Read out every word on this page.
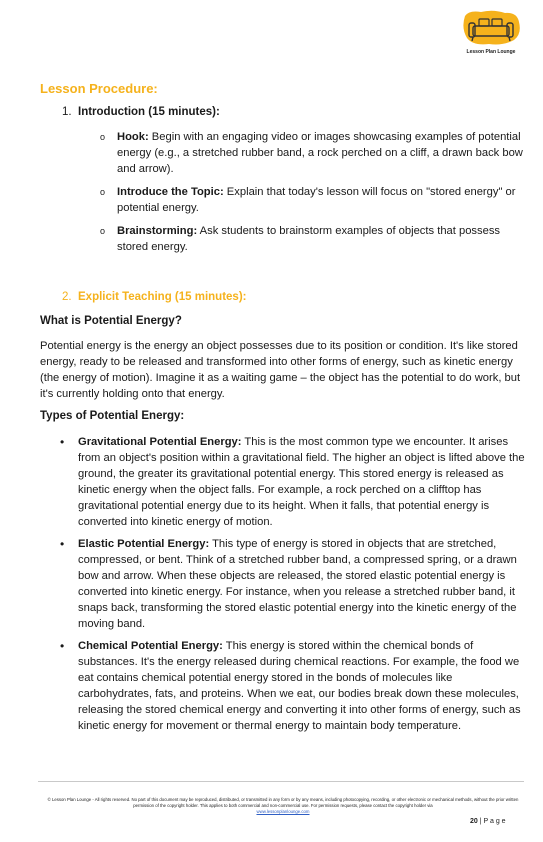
Lesson Plan Lounge
Lesson Procedure:
1. Introduction (15 minutes):
o Hook: Begin with an engaging video or images showcasing examples of potential energy (e.g., a stretched rubber band, a rock perched on a cliff, a drawn back bow and arrow).
o Introduce the Topic: Explain that today's lesson will focus on "stored energy" or potential energy.
o Brainstorming: Ask students to brainstorm examples of objects that possess stored energy.
2. Explicit Teaching (15 minutes):
What is Potential Energy?
Potential energy is the energy an object possesses due to its position or condition. It's like stored energy, ready to be released and transformed into other forms of energy, such as kinetic energy (the energy of motion). Imagine it as a waiting game – the object has the potential to do work, but it's currently holding onto that energy.
Types of Potential Energy:
• Gravitational Potential Energy: This is the most common type we encounter. It arises from an object's position within a gravitational field. The higher an object is lifted above the ground, the greater its gravitational potential energy. This stored energy is released as kinetic energy when the object falls. For example, a rock perched on a clifftop has gravitational potential energy due to its height. When it falls, that potential energy is converted into kinetic energy of motion.
• Elastic Potential Energy: This type of energy is stored in objects that are stretched, compressed, or bent. Think of a stretched rubber band, a compressed spring, or a drawn bow and arrow. When these objects are released, the stored elastic potential energy is converted into kinetic energy. For instance, when you release a stretched rubber band, it snaps back, transforming the stored elastic potential energy into the kinetic energy of the moving band.
• Chemical Potential Energy: This energy is stored within the chemical bonds of substances. It's the energy released during chemical reactions. For example, the food we eat contains chemical potential energy stored in the bonds of molecules like carbohydrates, fats, and proteins. When we eat, our bodies break down these molecules, releasing the stored chemical energy and converting it into other forms of energy, such as kinetic energy for movement or thermal energy to maintain body temperature.
© Lesson Plan Lounge - All rights reserved. No part of this document may be reproduced, distributed, or transmitted in any form or by any means, including photocopying, recording, or other electronic or mechanical methods, without the prior written permission of the copyright holder. This applies to both commercial and non-commercial use. For permission requests, please contact the copyright holder via
www.lessonplanlounge.com
20 | P a g e
